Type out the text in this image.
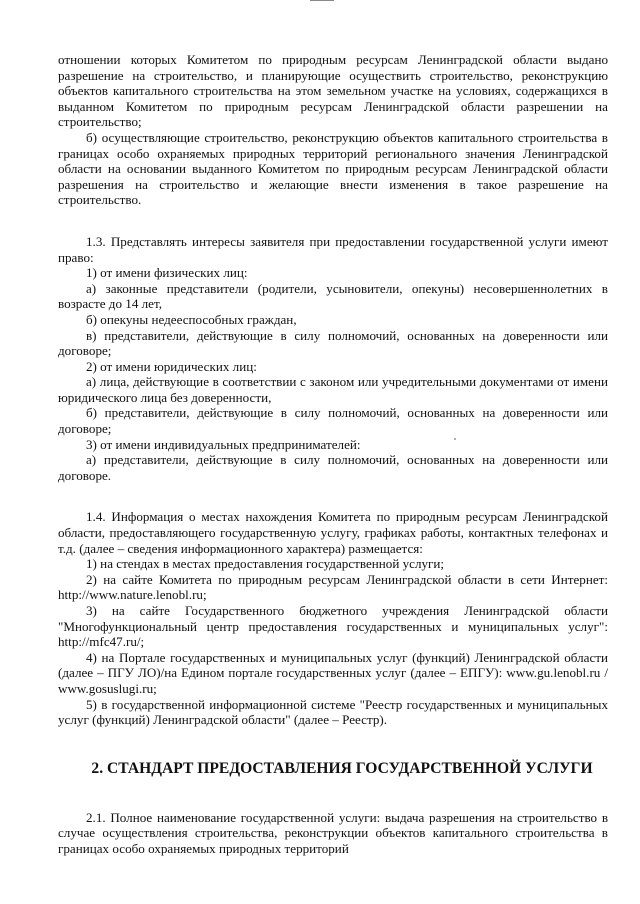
отношении которых Комитетом по природным ресурсам Ленинградской области выдано разрешение на строительство, и планирующие осуществить строительство, реконструкцию объектов капитального строительства на этом земельном участке на условиях, содержащихся в выданном Комитетом по природным ресурсам Ленинградской области разрешении на строительство;

б) осуществляющие строительство, реконструкцию объектов капитального строительства в границах особо охраняемых природных территорий регионального значения Ленинградской области на основании выданного Комитетом по природным ресурсам Ленинградской области разрешения на строительство и желающие внести изменения в такое разрешение на строительство.

1.3. Представлять интересы заявителя при предоставлении государственной услуги имеют право:

1) от имени физических лиц:

а) законные представители (родители, усыновители, опекуны) несовершеннолетних в возрасте до 14 лет,

б) опекуны недееспособных граждан,

в) представители, действующие в силу полномочий, основанных на доверенности или договоре;

2) от имени юридических лиц:

а) лица, действующие в соответствии с законом или учредительными документами от имени юридического лица без доверенности,

б) представители, действующие в силу полномочий, основанных на доверенности или договоре;

3) от имени индивидуальных предпринимателей:

а) представители, действующие в силу полномочий, основанных на доверенности или договоре.

1.4. Информация о местах нахождения Комитета по природным ресурсам Ленинградской области, предоставляющего государственную услугу, графиках работы, контактных телефонах и т.д. (далее – сведения информационного характера) размещается:

1) на стендах в местах предоставления государственной услуги;

2) на сайте Комитета по природным ресурсам Ленинградской области в сети Интернет: http://www.nature.lenobl.ru;

3) на сайте Государственного бюджетного учреждения Ленинградской области "Многофункциональный центр предоставления государственных и муниципальных услуг": http://mfc47.ru/;

4) на Портале государственных и муниципальных услуг (функций) Ленинградской области (далее – ПГУ ЛО)/на Едином портале государственных услуг (далее – ЕПГУ): www.gu.lenobl.ru / www.gosuslugi.ru;

5) в государственной информационной системе "Реестр государственных и муниципальных услуг (функций) Ленинградской области" (далее – Реестр).

2. СТАНДАРТ ПРЕДОСТАВЛЕНИЯ ГОСУДАРСТВЕННОЙ УСЛУГИ

2.1. Полное наименование государственной услуги: выдача разрешения на строительство в случае осуществления строительства, реконструкции объектов капитального строительства в границах особо охраняемых природных территорий
